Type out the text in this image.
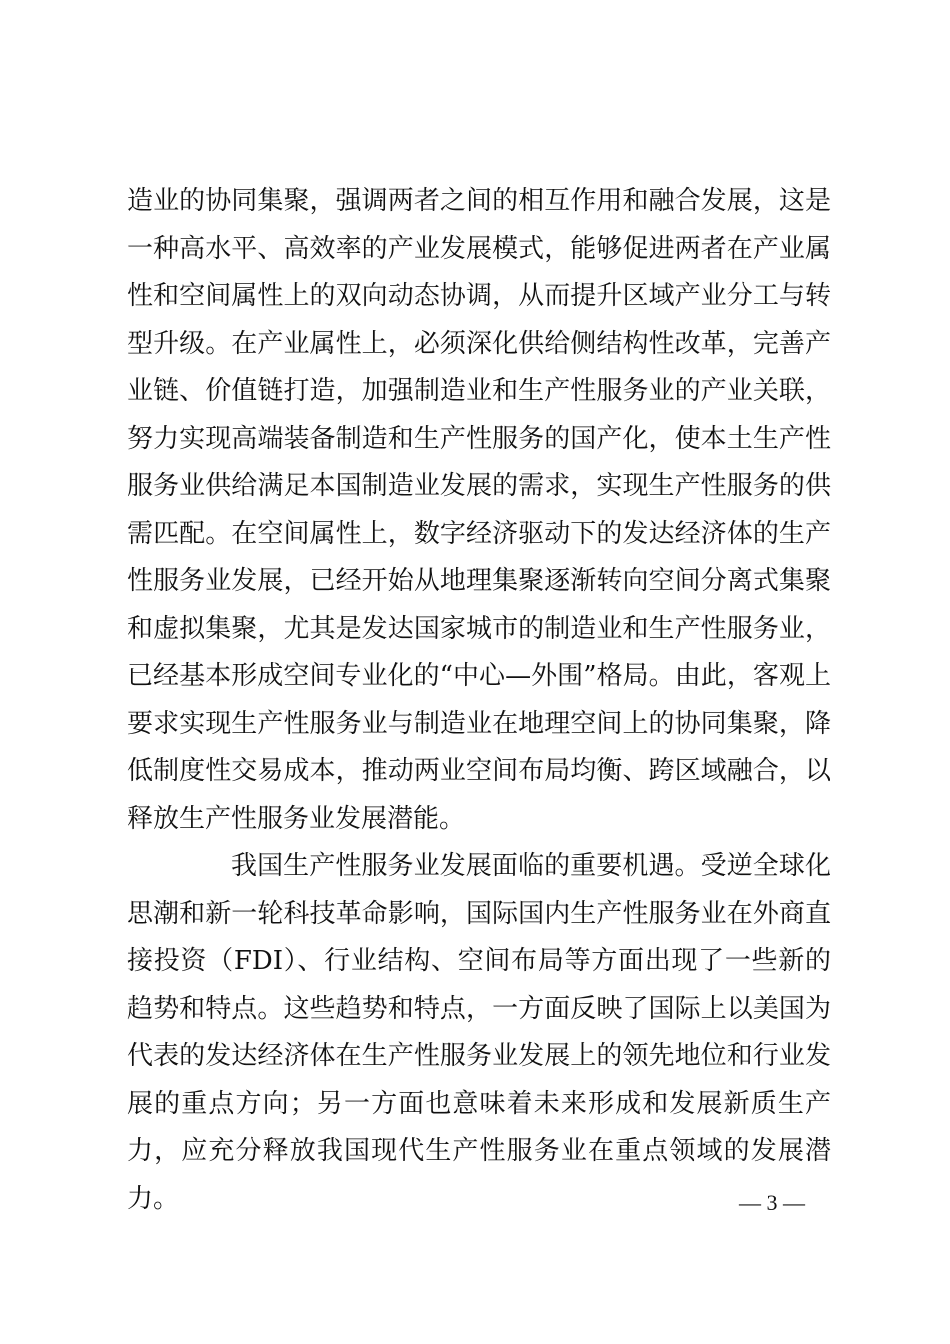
造业的协同集聚，强调两者之间的相互作用和融合发展，这是一种高水平、高效率的产业发展模式，能够促进两者在产业属性和空间属性上的双向动态协调，从而提升区域产业分工与转型升级。在产业属性上，必须深化供给侧结构性改革，完善产业链、价值链打造，加强制造业和生产性服务业的产业关联，努力实现高端装备制造和生产性服务的国产化，使本土生产性服务业供给满足本国制造业发展的需求，实现生产性服务的供需匹配。在空间属性上，数字经济驱动下的发达经济体的生产性服务业发展，已经开始从地理集聚逐渐转向空间分离式集聚和虚拟集聚，尤其是发达国家城市的制造业和生产性服务业，已经基本形成空间专业化的“中心—外围”格局。由此，客观上要求实现生产性服务业与制造业在地理空间上的协同集聚，降低制度性交易成本，推动两业空间布局均衡、跨区域融合，以释放生产性服务业发展潜能。

我国生产性服务业发展面临的重要机遇。受逆全球化思潮和新一轮科技革命影响，国际国内生产性服务业在外商直接投资（FDI）、行业结构、空间布局等方面出现了一些新的趋势和特点。这些趋势和特点，一方面反映了国际上以美国为代表的发达经济体在生产性服务业发展上的领先地位和行业发展的重点方向；另一方面也意味着未来形成和发展新质生产力，应充分释放我国现代生产性服务业在重点领域的发展潜力。	— 3 —
